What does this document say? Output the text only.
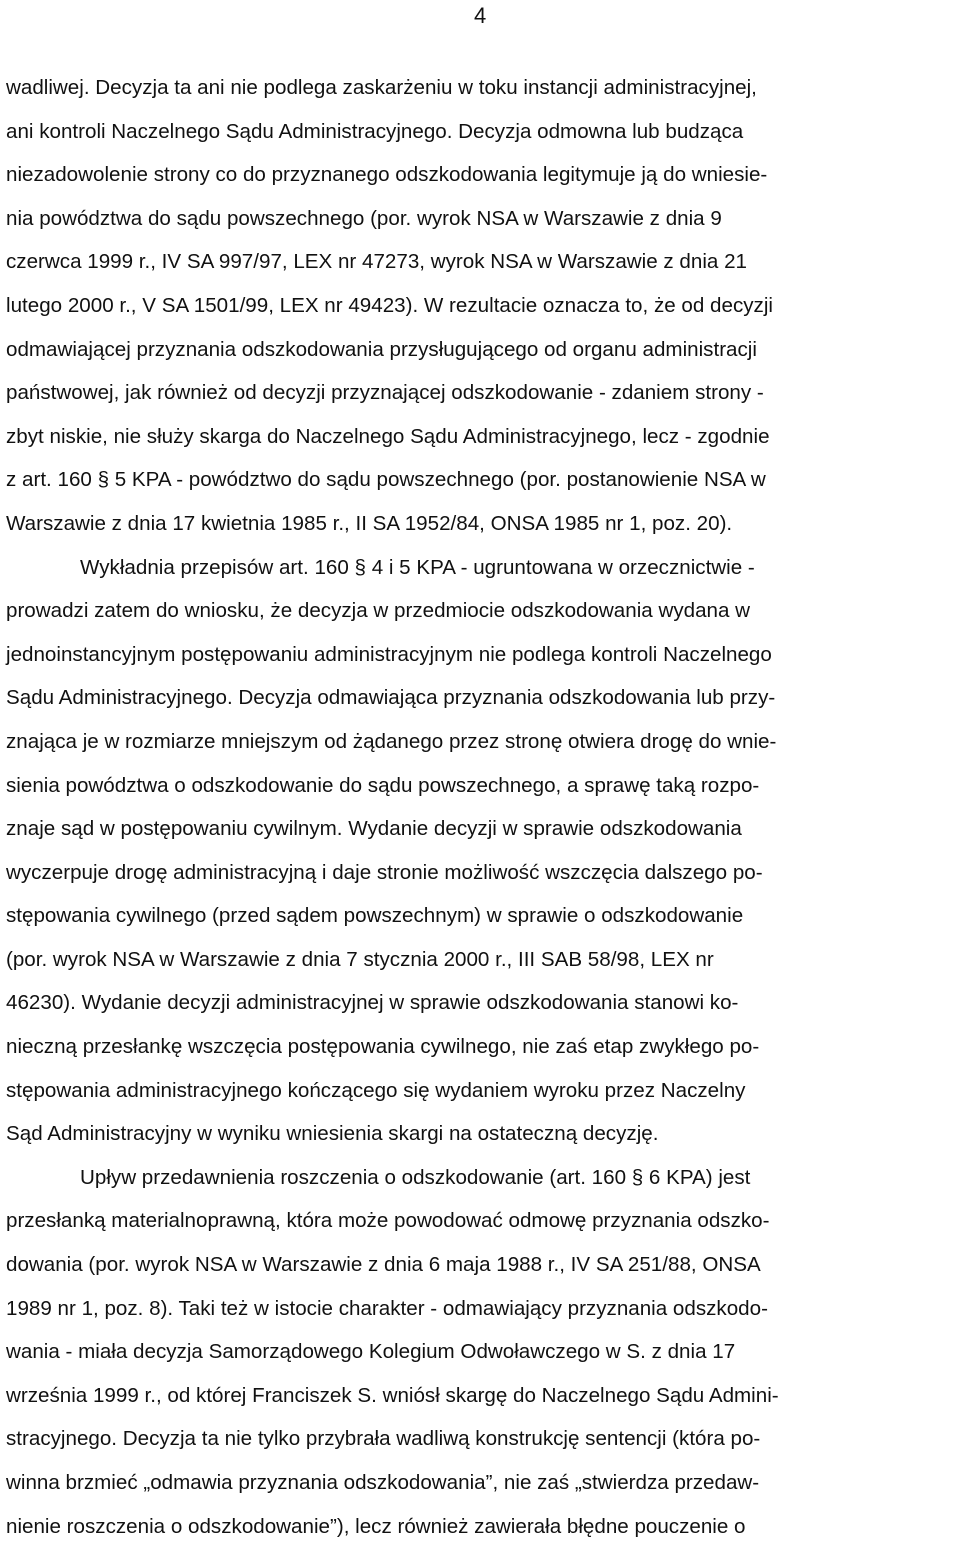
4
wadliwej. Decyzja ta ani nie podlega zaskarżeniu w toku instancji administracyjnej,
ani kontroli Naczelnego Sądu Administracyjnego. Decyzja odmowna lub budząca
niezadowolenie strony co do przyznanego odszkodowania legitymuje ją do wniesie-
nia powództwa do sądu powszechnego (por. wyrok NSA w Warszawie z dnia 9
czerwca 1999 r., IV SA 997/97, LEX nr 47273, wyrok NSA w Warszawie z dnia 21
lutego 2000 r., V SA 1501/99, LEX nr 49423). W rezultacie oznacza to, że od decyzji
odmawiającej przyznania odszkodowania przysługującego od organu administracji
państwowej, jak również od decyzji przyznającej odszkodowanie - zdaniem strony -
zbyt niskie, nie służy skarga do Naczelnego Sądu Administracyjnego, lecz - zgodnie
z art. 160 § 5 KPA - powództwo do sądu powszechnego (por. postanowienie NSA w
Warszawie z dnia 17 kwietnia 1985 r., II SA 1952/84, ONSA 1985 nr 1, poz. 20).
Wykładnia przepisów art. 160 § 4 i 5 KPA - ugruntowana w orzecznictwie -
prowadzi zatem do wniosku, że decyzja w przedmiocie odszkodowania wydana w
jednoinstancyjnym postępowaniu administracyjnym nie podlega kontroli Naczelnego
Sądu Administracyjnego. Decyzja odmawiająca przyznania odszkodowania lub przy-
znająca je w rozmiarze mniejszym od żądanego przez stronę otwiera drogę do wnie-
sienia powództwa o odszkodowanie do sądu powszechnego, a sprawę taką rozpo-
znaje sąd w postępowaniu cywilnym. Wydanie decyzji w sprawie odszkodowania
wyczerpuje drogę administracyjną i daje stronie możliwość wszczęcia dalszego po-
stępowania cywilnego (przed sądem powszechnym) w sprawie o odszkodowanie
(por. wyrok NSA w Warszawie z dnia 7 stycznia 2000 r., III SAB 58/98, LEX nr
46230). Wydanie decyzji administracyjnej w sprawie odszkodowania stanowi ko-
nieczną przesłankę wszczęcia postępowania cywilnego, nie zaś etap zwykłego po-
stępowania administracyjnego kończącego się wydaniem wyroku przez Naczelny
Sąd Administracyjny w wyniku wniesienia skargi na ostateczną decyzję.
Upływ przedawnienia roszczenia o odszkodowanie (art. 160 § 6 KPA) jest
przesłanką materialnoprawną, która może powodować odmowę przyznania odszko-
dowania (por. wyrok NSA w Warszawie z dnia 6 maja 1988 r., IV SA 251/88, ONSA
1989 nr 1, poz. 8). Taki też w istocie charakter - odmawiający przyznania odszkodo-
wania - miała decyzja Samorządowego Kolegium Odwoławczego w S. z dnia 17
września 1999 r., od której Franciszek S. wniósł skargę do Naczelnego Sądu Admini-
stracyjnego. Decyzja ta nie tylko przybrała wadliwą konstrukcję sentencji (która po-
winna brzmieć „odmawia przyznania odszkodowania”, nie zaś „stwierdza przedaw-
nienie roszczenia o odszkodowanie”), lecz również zawierała błędne pouczenie o
